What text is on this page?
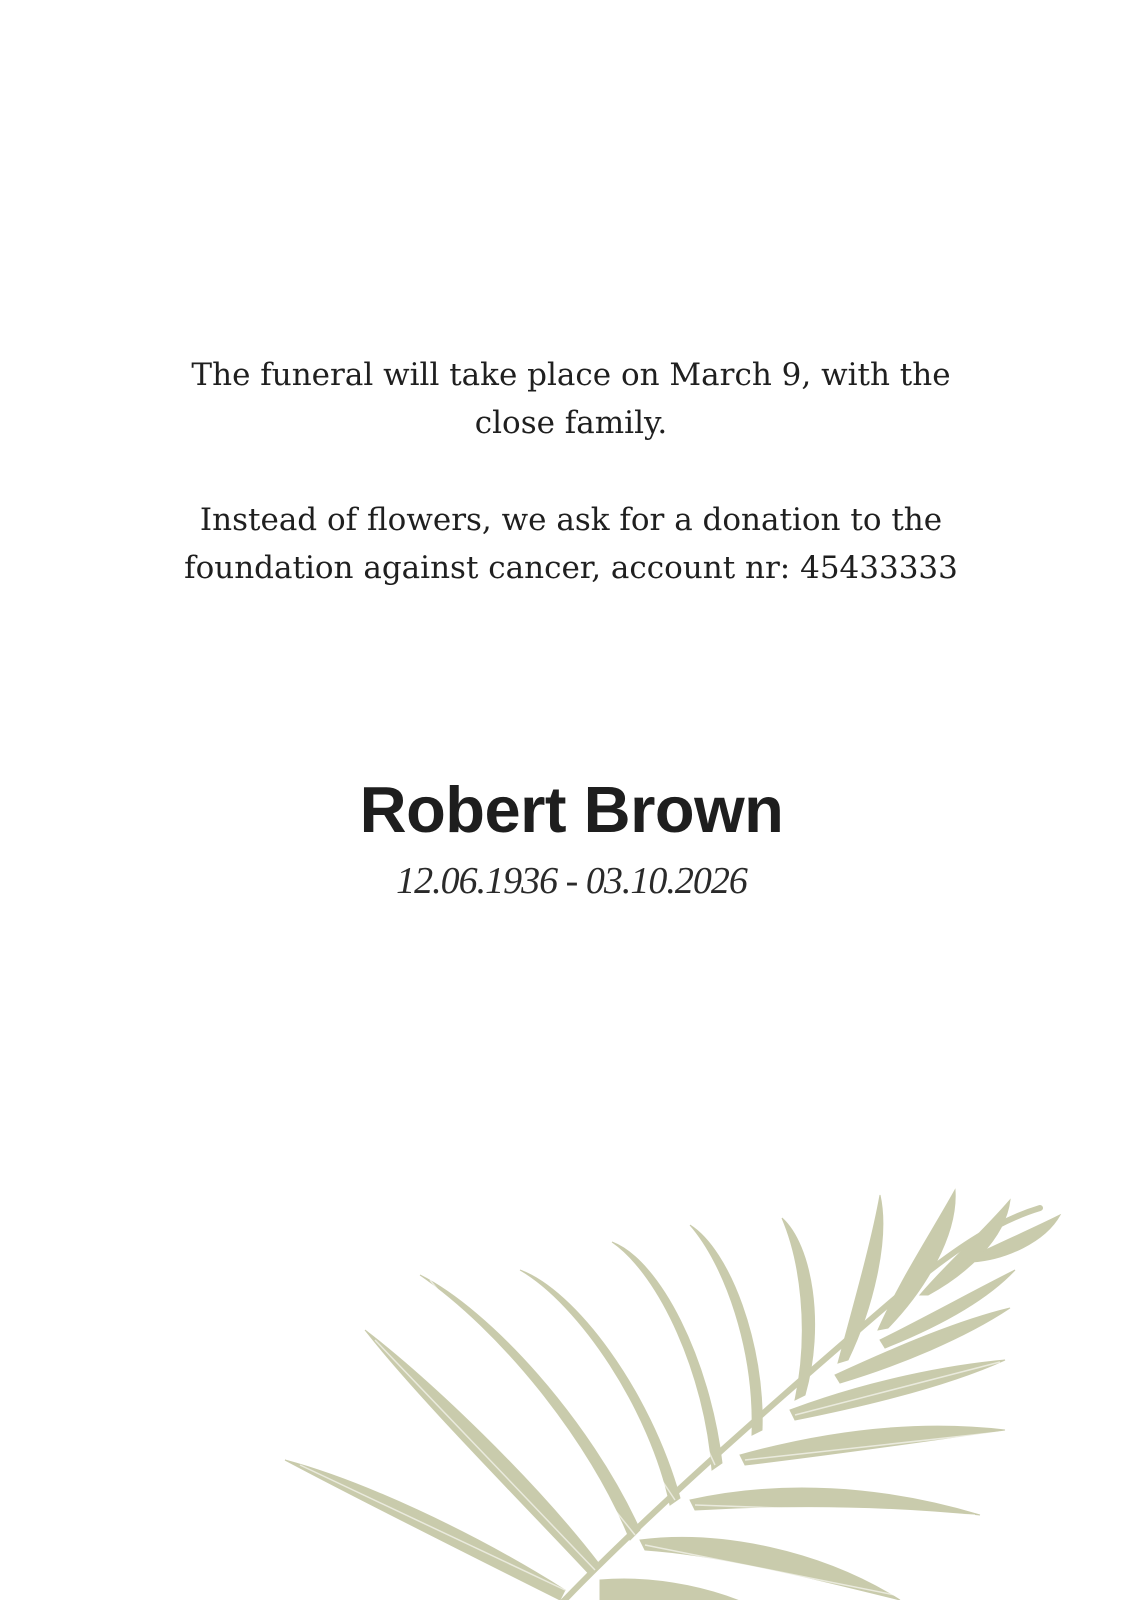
The funeral will take place on March 9, with the
close family.

Instead of flowers, we ask for a donation to the
foundation against cancer, account nr: 45433333

Robert Brown

12.06.1936 - 03.10.2026
